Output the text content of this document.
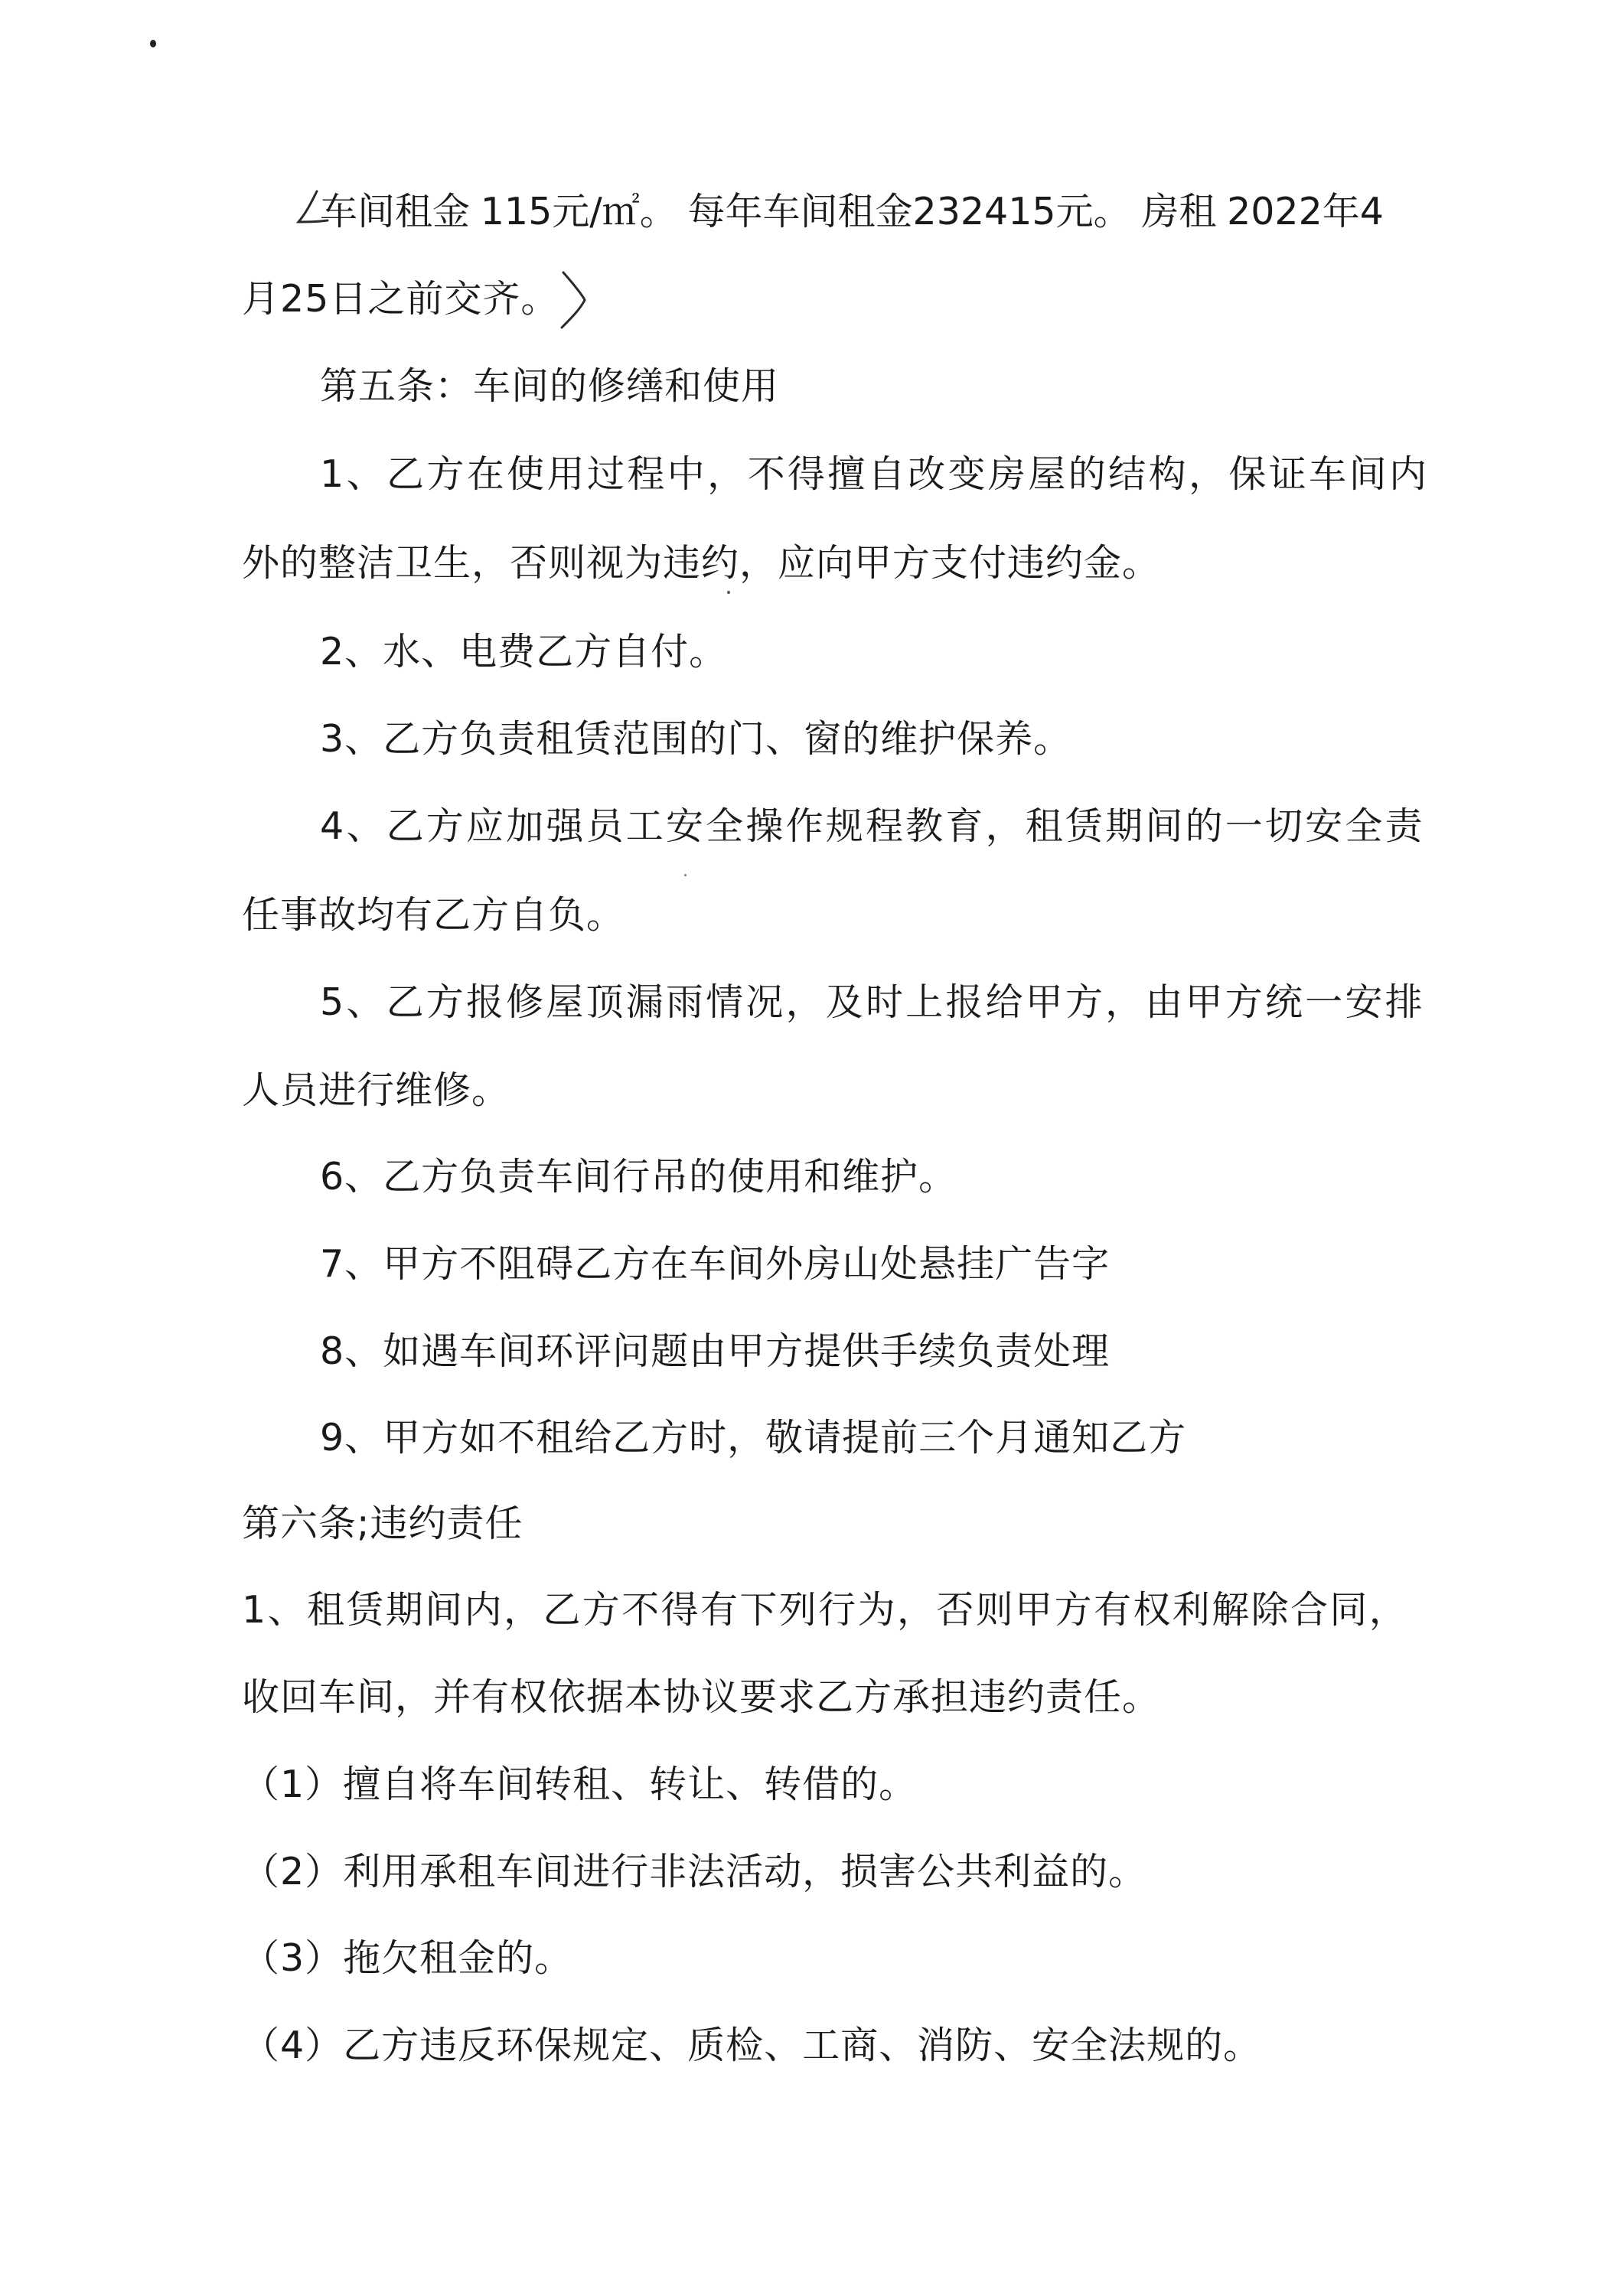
车间租金 115元/㎡。 每年车间租金232415元。 房租 2022年4
月25日之前交齐。
第五条：车间的修缮和使用
1、乙方在使用过程中，不得擅自改变房屋的结构，保证车间内
外的整洁卫生，否则视为违约，应向甲方支付违约金。
2、水、电费乙方自付。
3、乙方负责租赁范围的门、窗的维护保养。
4、乙方应加强员工安全操作规程教育，租赁期间的一切安全责
任事故均有乙方自负。
5、乙方报修屋顶漏雨情况，及时上报给甲方，由甲方统一安排
人员进行维修。
6、乙方负责车间行吊的使用和维护。
7、甲方不阻碍乙方在车间外房山处悬挂广告字
8、如遇车间环评问题由甲方提供手续负责处理
9、甲方如不租给乙方时，敬请提前三个月通知乙方
第六条;违约责任
1、租赁期间内，乙方不得有下列行为，否则甲方有权利解除合同，
收回车间，并有权依据本协议要求乙方承担违约责任。
（1）擅自将车间转租、转让、转借的。
（2）利用承租车间进行非法活动，损害公共利益的。
（3）拖欠租金的。
（4）乙方违反环保规定、质检、工商、消防、安全法规的。
